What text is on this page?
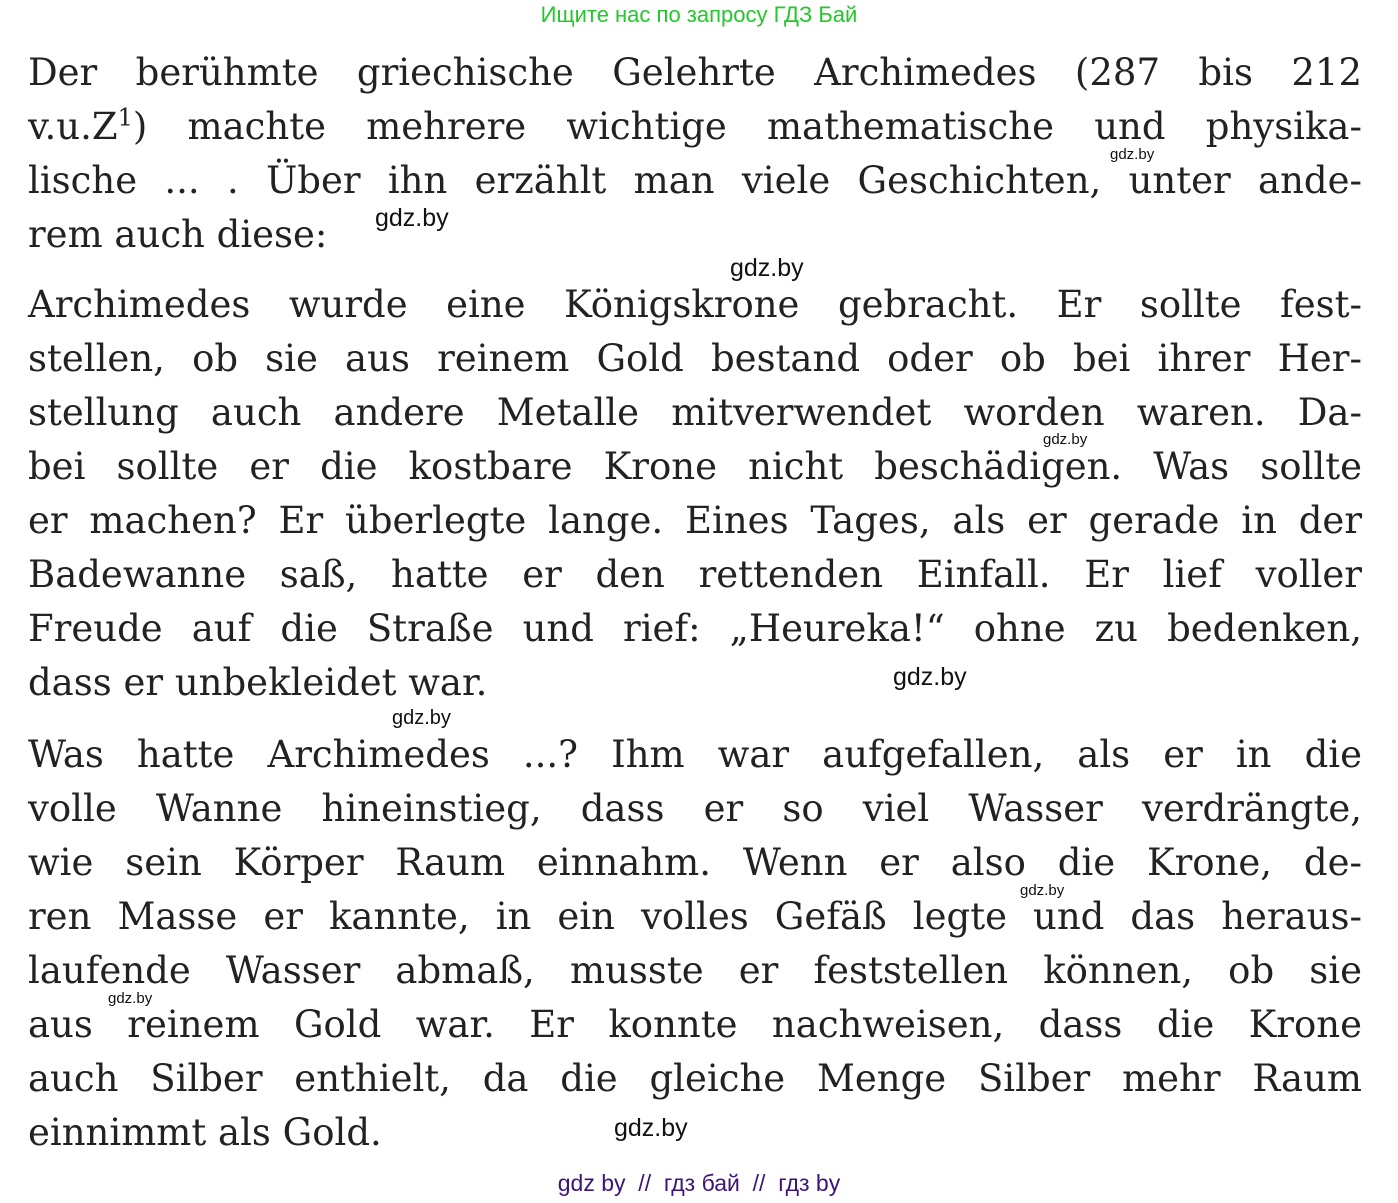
Ищите нас по запросу ГДЗ Бай
Der berühmte griechische Gelehrte Archimedes (287 bis 212
$v.u.Z^1$) machte mehrere wichtige mathematische und physika-
lische ... . Über ihn erzählt man viele Geschichten, unter ande-
rem auch diese:
Archimedes wurde eine Königskrone gebracht. Er sollte fest-
stellen, ob sie aus reinem Gold bestand oder ob bei ihrer Her-
stellung auch andere Metalle mitverwendet worden waren. Da-
bei sollte er die kostbare Krone nicht beschädigen. Was sollte
er machen? Er überlegte lange. Eines Tages, als er gerade in der
Badewanne saß, hatte er den rettenden Einfall. Er lief voller
Freude auf die Straße und rief: „Heureka!“ ohne zu bedenken,
dass er unbekleidet war.
Was hatte Archimedes ...? Ihm war aufgefallen, als er in die
volle Wanne hineinstieg, dass er so viel Wasser verdrängte,
wie sein Körper Raum einnahm. Wenn er also die Krone, de-
ren Masse er kannte, in ein volles Gefäß legte und das heraus-
laufende Wasser abmaß, musste er feststellen können, ob sie
aus reinem Gold war. Er konnte nachweisen, dass die Krone
auch Silber enthielt, da die gleiche Menge Silber mehr Raum
einnimmt als Gold.
gdz.by
gdz.by
gdz.by
gdz.by
gdz.by
gdz.by
gdz.by
gdz.by
gdz.by
gdz by  //  гдз бай  //  гдз by
